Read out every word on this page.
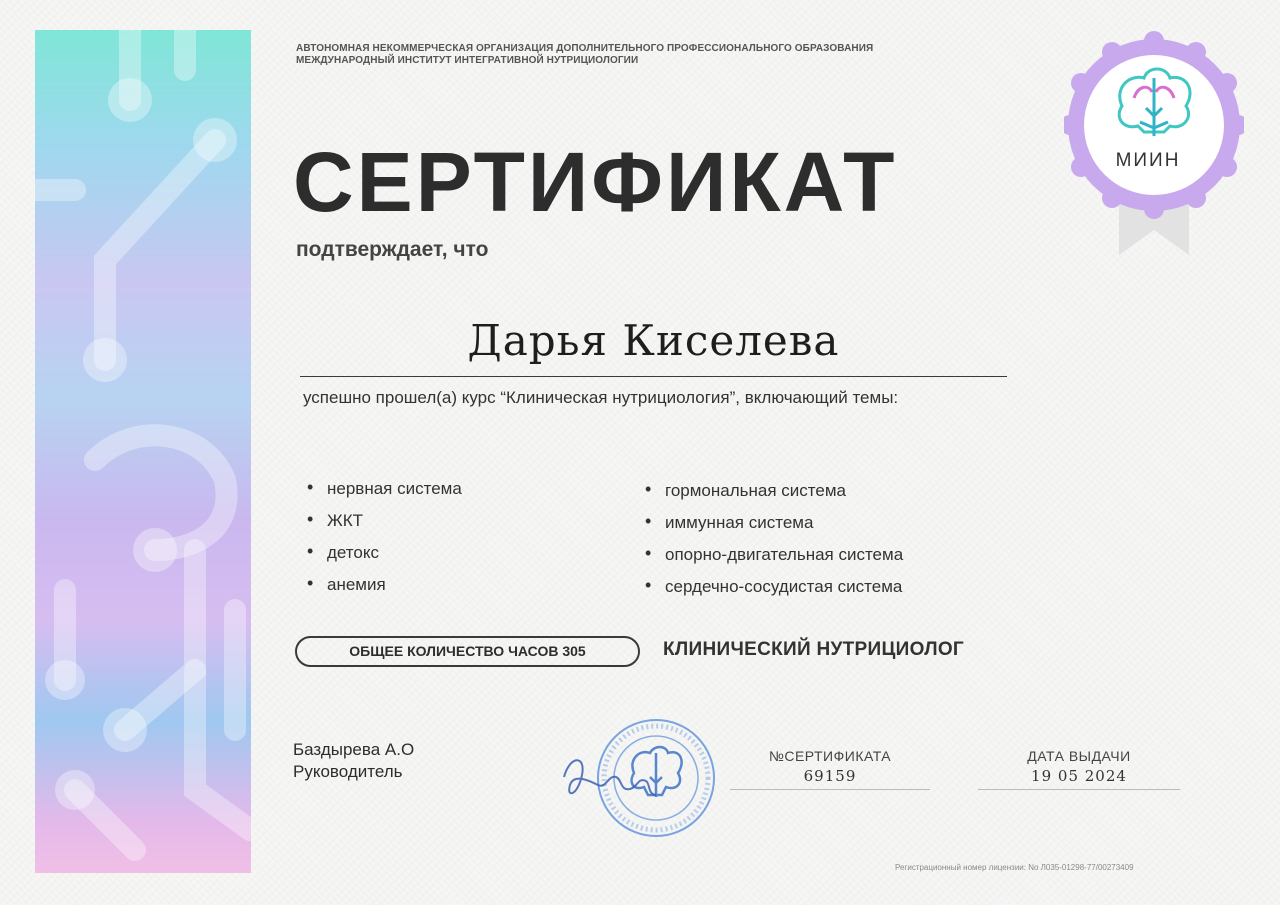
АВТОНОМНАЯ НЕКОММЕРЧЕСКАЯ ОРГАНИЗАЦИЯ ДОПОЛНИТЕЛЬНОГО ПРОФЕССИОНАЛЬНОГО ОБРАЗОВАНИЯ
МЕЖДУНАРОДНЫЙ ИНСТИТУТ ИНТЕГРАТИВНОЙ НУТРИЦИОЛОГИИ
МИИН
СЕРТИФИКАТ
подтверждает, что
Дарья Киселева
успешно прошел(а) курс “Клиническая нутрициология”, включающий темы:
• нервная система
• ЖКТ
• детокс
• анемия
• гормональная система
• иммунная система
• опорно-двигательная система
• сердечно-сосудистая система
ОБЩЕЕ КОЛИЧЕСТВО ЧАСОВ 305	КЛИНИЧЕСКИЙ НУТРИЦИОЛОГ
Баздырева А.О
Руководитель
№СЕРТИФИКАТА
69159
ДАТА ВЫДАЧИ
19 05 2024
Регистрационный номер лицензии: No Л035-01298-77/00273409
